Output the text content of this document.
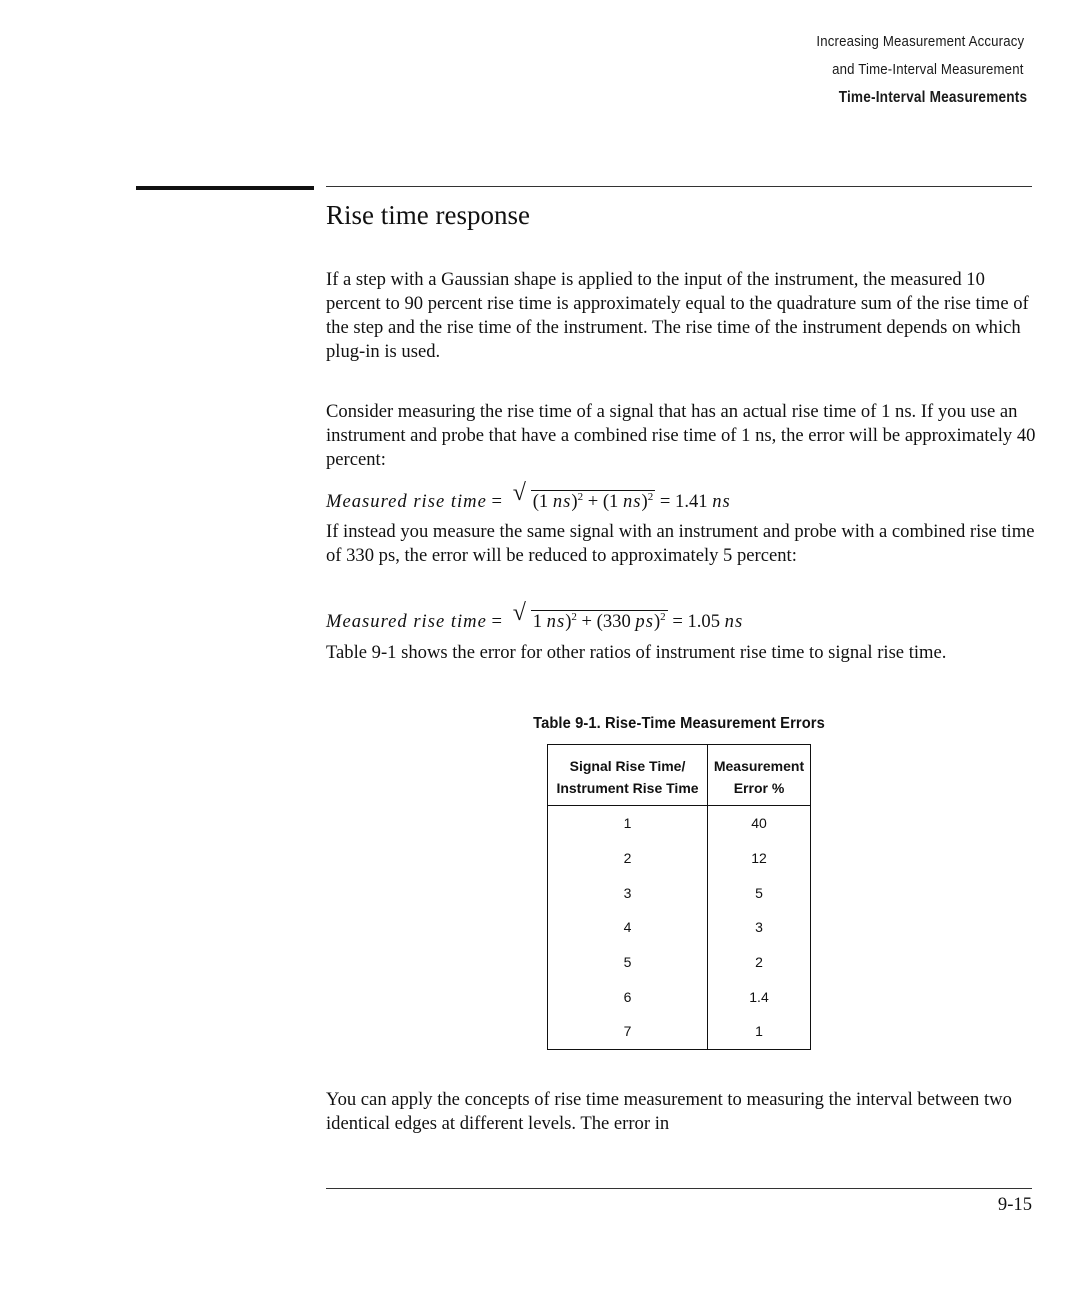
Increasing Measurement Accuracy
and Time-Interval Measurement
Time-Interval Measurements
Rise time response

If a step with a Gaussian shape is applied to the input of the instrument, the measured 10 percent to 90 percent rise time is approximately equal to the quadrature sum of the rise time of the step and the rise time of the instrument. The rise time of the instrument depends on which plug-in is used.

Consider measuring the rise time of a signal that has an actual rise time of 1 ns. If you use an instrument and probe that have a combined rise time of 1 ns, the error will be approximately 40 percent:

Measured rise time = √ (1 ns)$^2$ + (1 ns)$^2$ = 1.41 ns

If instead you measure the same signal with an instrument and probe with a combined rise time of 330 ps, the error will be reduced to approximately 5 percent:

Measured rise time = √ 1 ns)$^2$ + (330 ps)$^2$ = 1.05 ns

Table 9-1 shows the error for other ratios of instrument rise time to signal rise time.

Table 9-1. Rise-Time Measurement Errors
Signal Rise Time/
Instrument Rise Time	Measurement
Error %
1	40
2	12
3	5
4	3
5	2
6	1.4
7	1

You can apply the concepts of rise time measurement to measuring the interval between two identical edges at different levels. The error in

9-15
